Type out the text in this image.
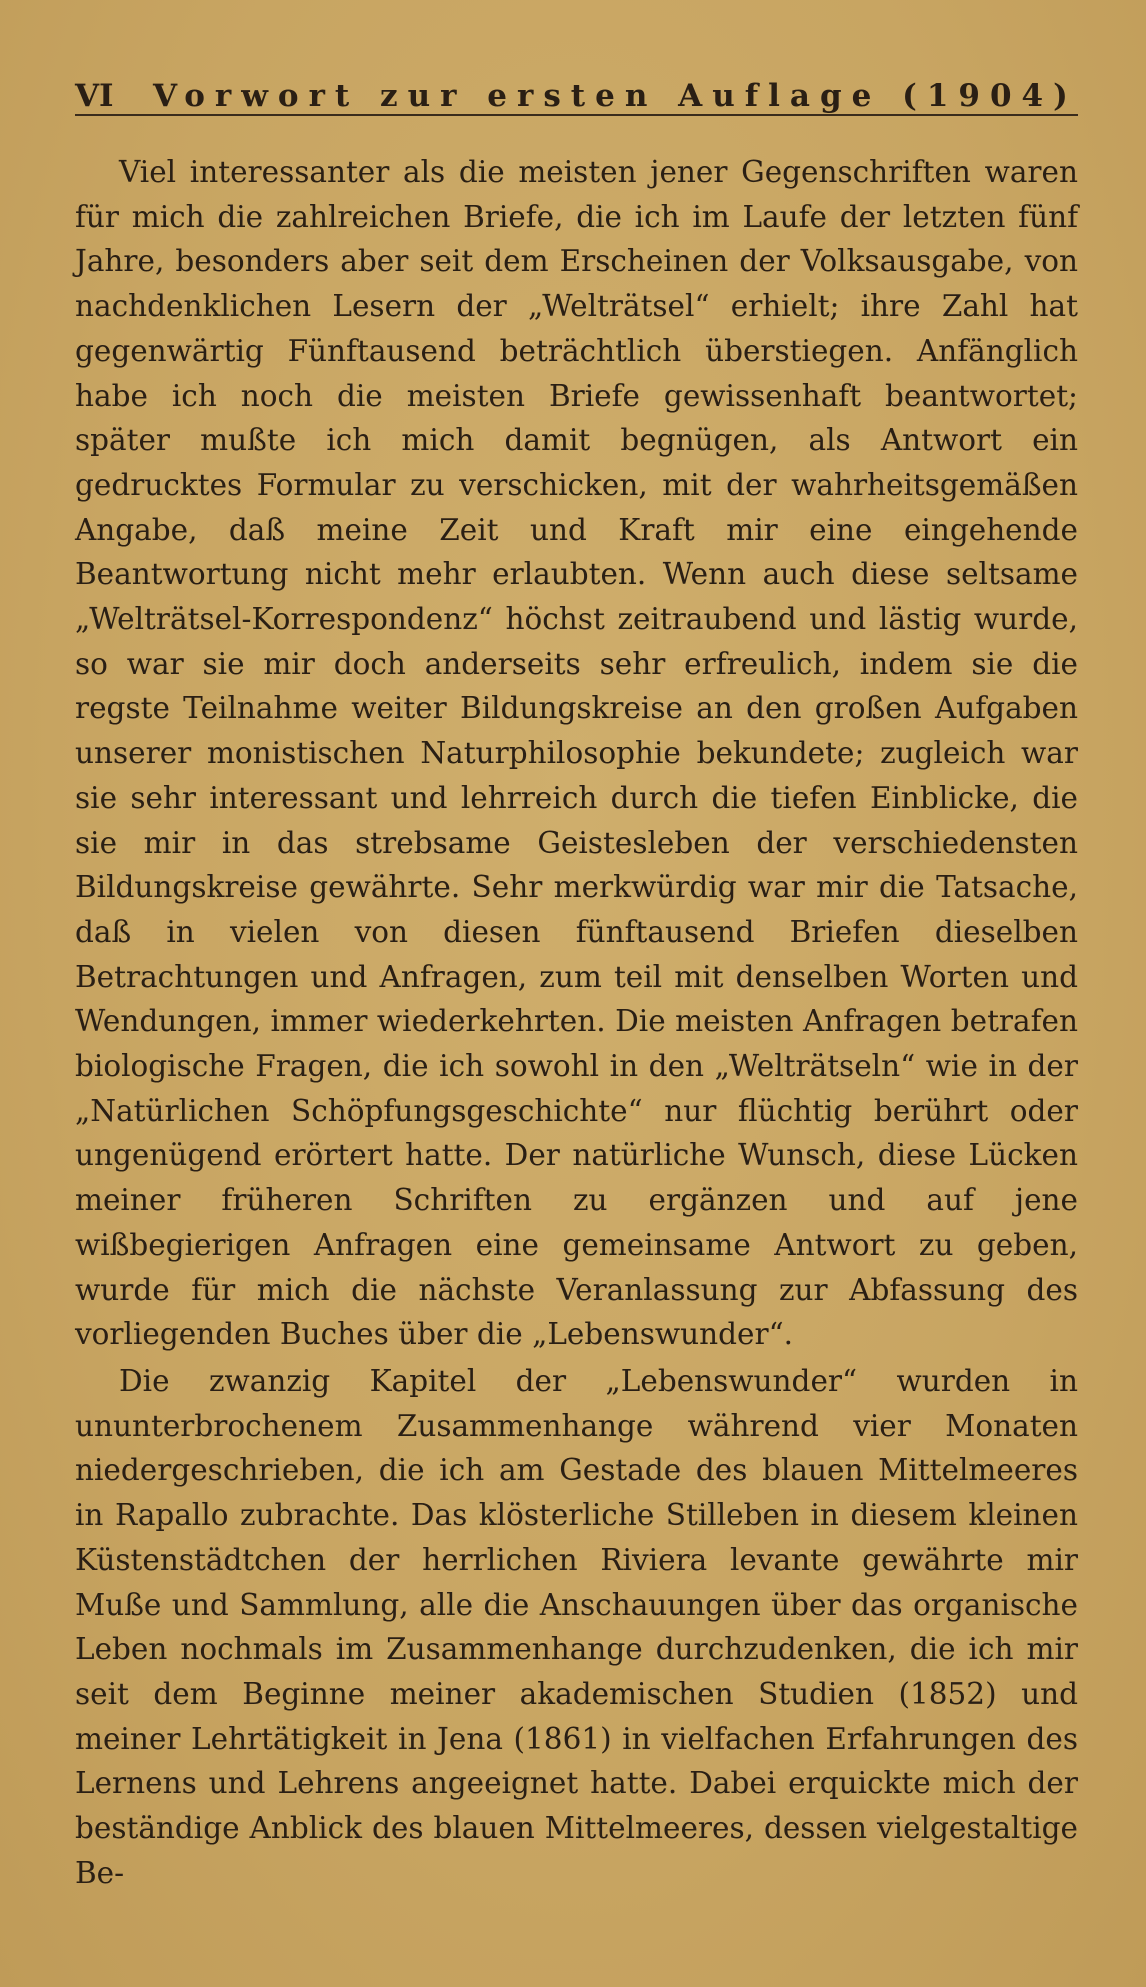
VI	Vorwort zur ersten Auflage (1904)

Viel interessanter als die meisten jener Gegenschriften waren für mich die zahlreichen Briefe, die ich im Laufe der letzten fünf Jahre, besonders aber seit dem Erscheinen der Volksausgabe, von nachdenklichen Lesern der „Welträtsel“ erhielt; ihre Zahl hat gegenwärtig Fünftausend beträchtlich überstiegen. Anfänglich habe ich noch die meisten Briefe gewissenhaft beantwortet; später mußte ich mich damit begnügen, als Antwort ein gedrucktes Formular zu verschicken, mit der wahrheitsgemäßen Angabe, daß meine Zeit und Kraft mir eine eingehende Beantwortung nicht mehr erlaubten. Wenn auch diese seltsame „Welträtsel-Korrespondenz“ höchst zeitraubend und lästig wurde, so war sie mir doch anderseits sehr erfreulich, indem sie die regste Teilnahme weiter Bildungskreise an den großen Aufgaben unserer monistischen Naturphilosophie bekundete; zugleich war sie sehr interessant und lehrreich durch die tiefen Einblicke, die sie mir in das strebsame Geistesleben der verschiedensten Bildungskreise gewährte. Sehr merkwürdig war mir die Tatsache, daß in vielen von diesen fünftausend Briefen dieselben Betrachtungen und Anfragen, zum teil mit denselben Worten und Wendungen, immer wiederkehrten. Die meisten Anfragen betrafen biologische Fragen, die ich sowohl in den „Welträtseln“ wie in der „Natürlichen Schöpfungsgeschichte“ nur flüchtig berührt oder ungenügend erörtert hatte. Der natürliche Wunsch, diese Lücken meiner früheren Schriften zu ergänzen und auf jene wißbegierigen Anfragen eine gemeinsame Antwort zu geben, wurde für mich die nächste Veranlassung zur Abfassung des vorliegenden Buches über die „Lebenswunder“.

Die zwanzig Kapitel der „Lebenswunder“ wurden in ununterbrochenem Zusammenhange während vier Monaten niedergeschrieben, die ich am Gestade des blauen Mittelmeeres in Rapallo zubrachte. Das klösterliche Stilleben in diesem kleinen Küstenstädtchen der herrlichen Riviera levante gewährte mir Muße und Sammlung, alle die Anschauungen über das organische Leben nochmals im Zusammenhange durchzudenken, die ich mir seit dem Beginne meiner akademischen Studien (1852) und meiner Lehrtätigkeit in Jena (1861) in vielfachen Erfahrungen des Lernens und Lehrens angeeignet hatte. Dabei erquickte mich der beständige Anblick des blauen Mittelmeeres, dessen vielgestaltige Be-
